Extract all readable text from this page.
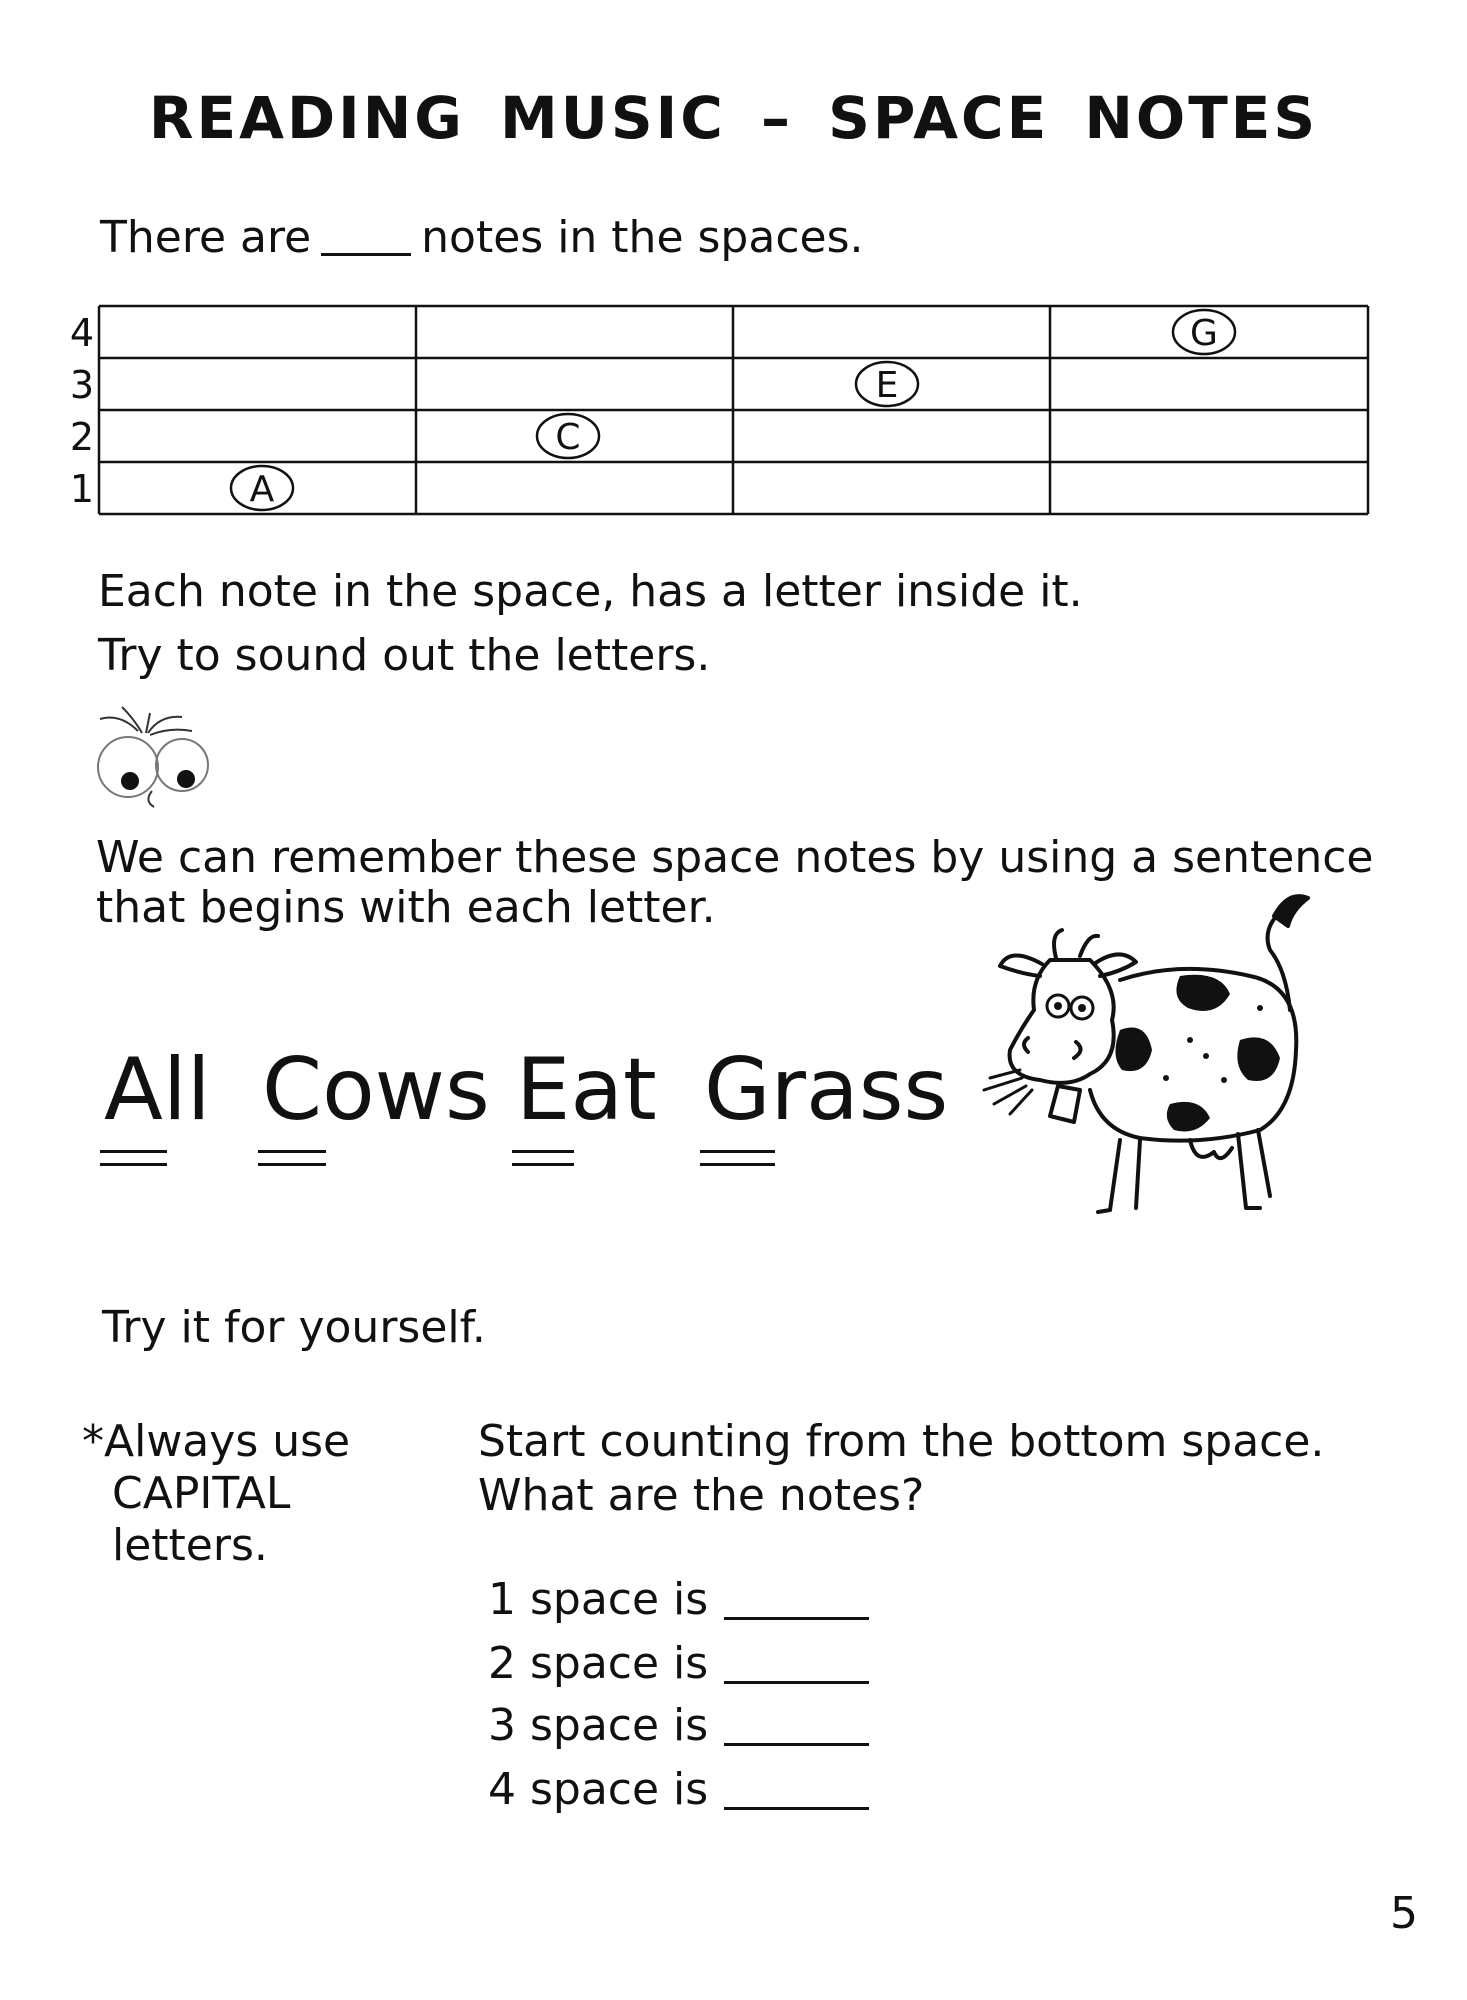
READING MUSIC – SPACE NOTES
There are	notes in the spaces.
4
3
2
1	A
C
E
G
Each note in the space, has a letter inside it.
Try to sound out the letters.
We can remember these space notes by using a sentence
that begins with each letter.
All Cows Eat Grass
Try it for yourself.
*Always use
CAPITAL
letters.
Start counting from the bottom space.
What are the notes?
1 space is
2 space is
3 space is
4 space is
5
